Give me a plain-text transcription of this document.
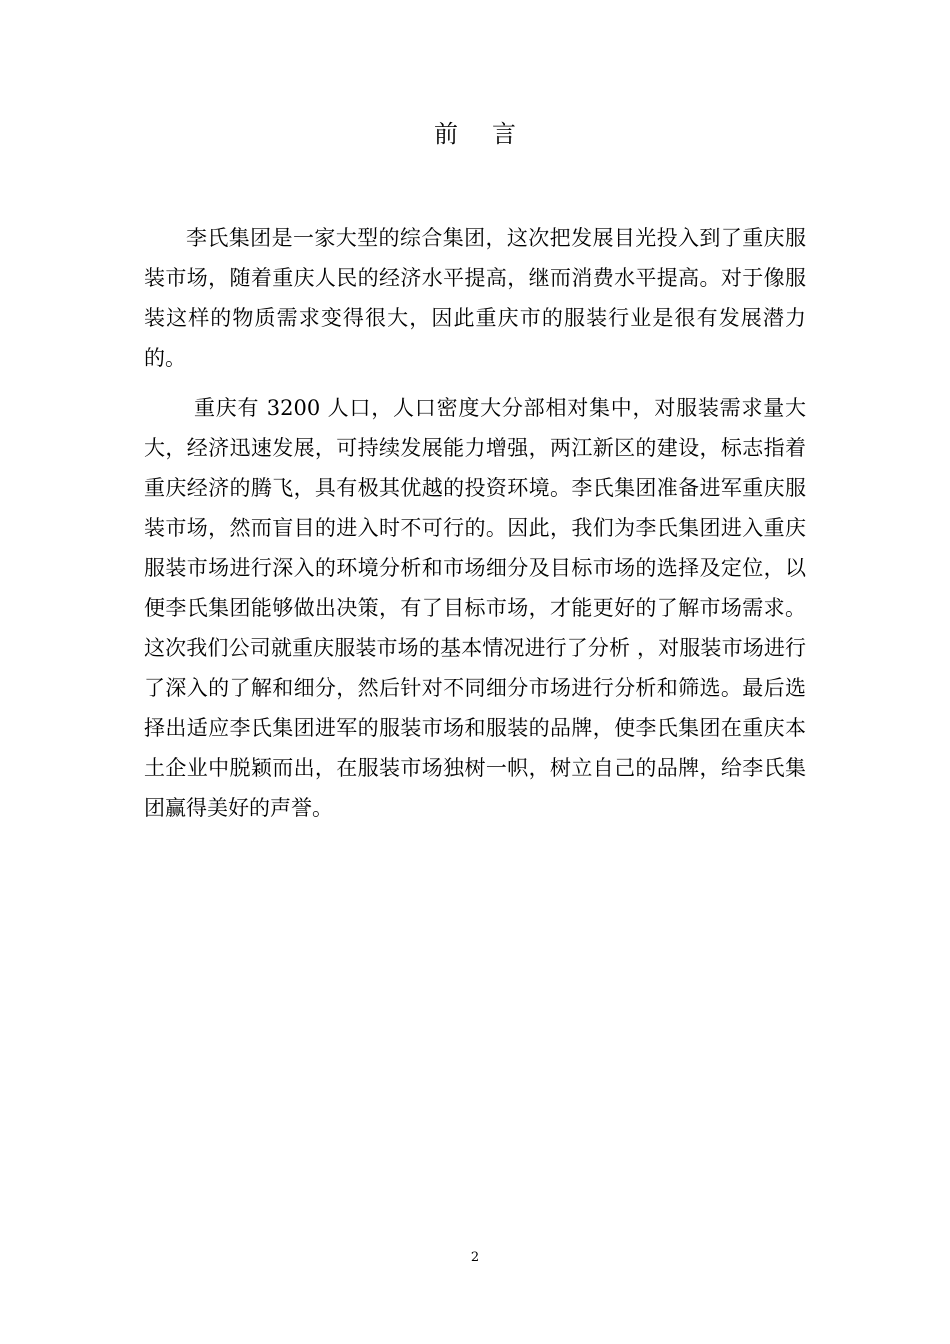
前言

李氏集团是一家大型的综合集团，这次把发展目光投入到了重庆服装市场，随着重庆人民的经济水平提高，继而消费水平提高。对于像服装这样的物质需求变得很大，因此重庆市的服装行业是很有发展潜力的。

重庆有 3200 人口，人口密度大分部相对集中，对服装需求量大大，经济迅速发展，可持续发展能力增强，两江新区的建设，标志指着重庆经济的腾飞，具有极其优越的投资环境。李氏集团准备进军重庆服装市场，然而盲目的进入时不可行的。因此，我们为李氏集团进入重庆服装市场进行深入的环境分析和市场细分及目标市场的选择及定位，以便李氏集团能够做出决策，有了目标市场，才能更好的了解市场需求。这次我们公司就重庆服装市场的基本情况进行了分析 ，对服装市场进行了深入的了解和细分，然后针对不同细分市场进行分析和筛选。最后选择出适应李氏集团进军的服装市场和服装的品牌，使李氏集团在重庆本土企业中脱颖而出，在服装市场独树一帜，树立自己的品牌，给李氏集团赢得美好的声誉。

2
